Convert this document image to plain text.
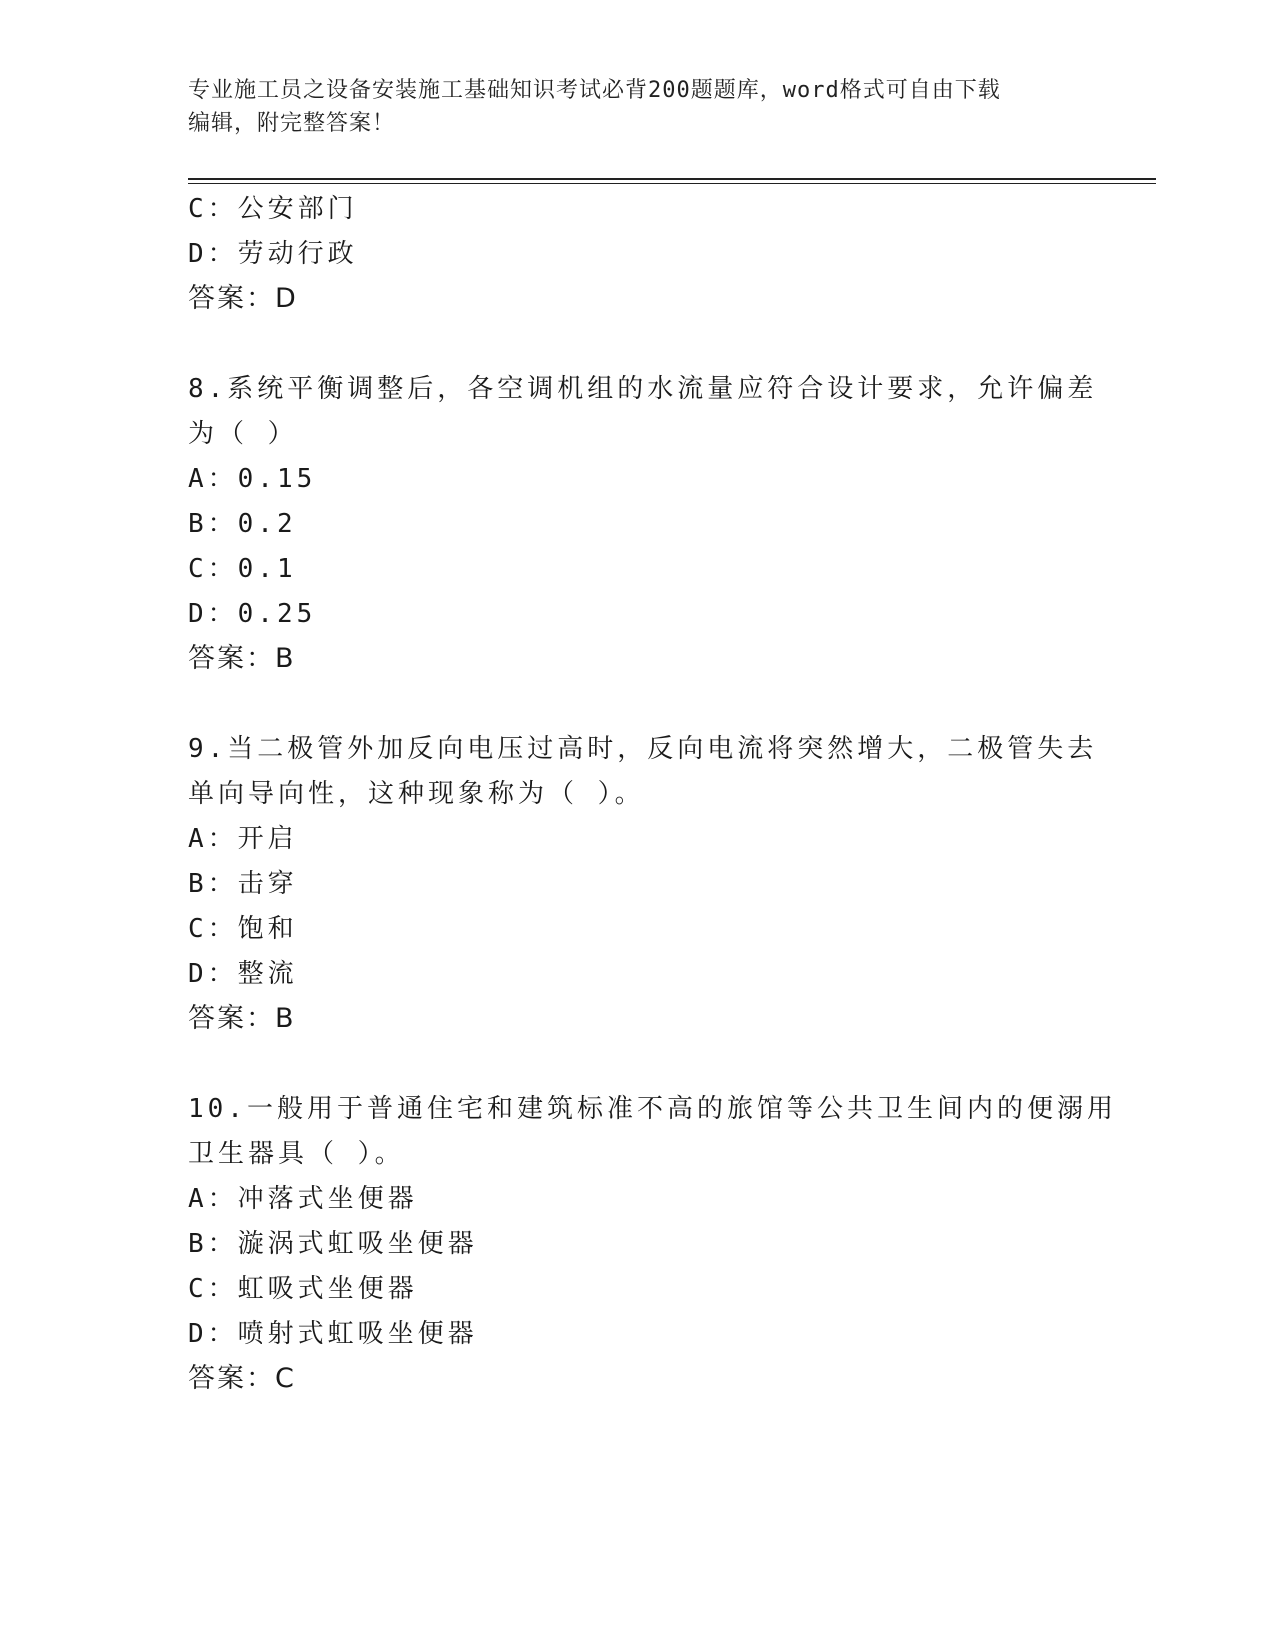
专业施工员之设备安装施工基础知识考试必背200题题库，word格式可自由下载
编辑，附完整答案！
C：公安部门
D：劳动行政
答案：D
8.系统平衡调整后，各空调机组的水流量应符合设计要求，允许偏差
为（ ）
A：0.15
B：0.2
C：0.1
D：0.25
答案：B
9.当二极管外加反向电压过高时，反向电流将突然增大，二极管失去
单向导向性，这种现象称为（ ）。
A：开启
B：击穿
C：饱和
D：整流
答案：B
10.一般用于普通住宅和建筑标准不高的旅馆等公共卫生间内的便溺用
卫生器具（ ）。
A：冲落式坐便器
B：漩涡式虹吸坐便器
C：虹吸式坐便器
D：喷射式虹吸坐便器
答案：C
